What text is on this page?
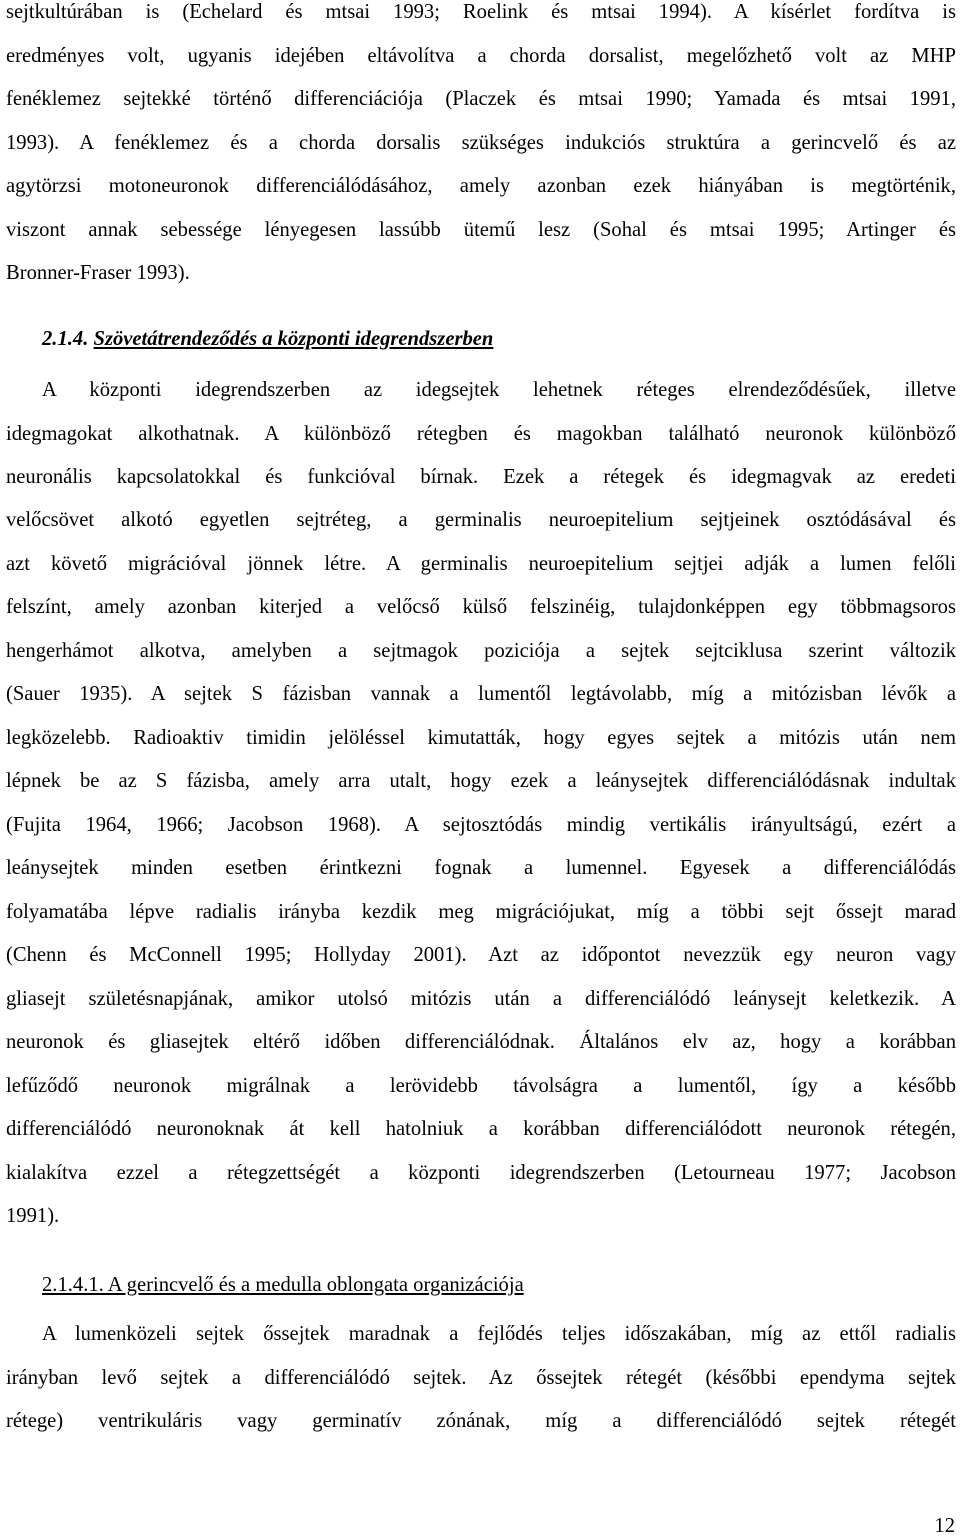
sejtkultúrában is (Echelard és mtsai 1993; Roelink és mtsai 1994). A kísérlet fordítva is
eredményes volt, ugyanis idejében eltávolítva a chorda dorsalist, megelőzhető volt az MHP
fenéklemez sejtekké történő differenciációja (Placzek és mtsai 1990; Yamada és mtsai 1991,
1993). A fenéklemez és a chorda dorsalis szükséges indukciós struktúra a gerincvelő és az
agytörzsi motoneuronok differenciálódásához, amely azonban ezek hiányában is megtörténik,
viszont annak sebessége lényegesen lassúbb ütemű lesz (Sohal és mtsai 1995; Artinger és
Bronner-Fraser 1993).
2.1.4. Szövetátrendeződés a központi idegrendszerben
A központi idegrendszerben az idegsejtek lehetnek réteges elrendeződésűek, illetve
idegmagokat alkothatnak. A különböző rétegben és magokban található neuronok különböző
neuronális kapcsolatokkal és funkcióval bírnak. Ezek a rétegek és idegmagvak az eredeti
velőcsövet alkotó egyetlen sejtréteg, a germinalis neuroepitelium sejtjeinek osztódásával és
azt követő migrációval jönnek létre. A germinalis neuroepitelium sejtjei adják a lumen felőli
felszínt, amely azonban kiterjed a velőcső külső felszinéig, tulajdonképpen egy többmagsoros
hengerhámot alkotva, amelyben a sejtmagok poziciója a sejtek sejtciklusa szerint változik
(Sauer 1935). A sejtek S fázisban vannak a lumentől legtávolabb, míg a mitózisban lévők a
legközelebb. Radioaktiv timidin jelöléssel kimutatták, hogy egyes sejtek a mitózis után nem
lépnek be az S fázisba, amely arra utalt, hogy ezek a leánysejtek differenciálódásnak indultak
(Fujita 1964, 1966; Jacobson 1968). A sejtosztódás mindig vertikális irányultságú, ezért a
leánysejtek minden esetben érintkezni fognak a lumennel. Egyesek a differenciálódás
folyamatába lépve radialis irányba kezdik meg migrációjukat, míg a többi sejt őssejt marad
(Chenn és McConnell 1995; Hollyday 2001). Azt az időpontot nevezzük egy neuron vagy
gliasejt születésnapjának, amikor utolsó mitózis után a differenciálódó leánysejt keletkezik. A
neuronok és gliasejtek eltérő időben differenciálódnak. Általános elv az, hogy a korábban
lefűződő neuronok migrálnak a lerövidebb távolságra a lumentől, így a később
differenciálódó neuronoknak át kell hatolniuk a korábban differenciálódott neuronok rétegén,
kialakítva ezzel a rétegzettségét a központi idegrendszerben (Letourneau 1977; Jacobson
1991).
2.1.4.1. A gerincvelő és a medulla oblongata organizációja
A lumenközeli sejtek őssejtek maradnak a fejlődés teljes időszakában, míg az ettől radialis
irányban levő sejtek a differenciálódó sejtek. Az őssejtek rétegét (későbbi ependyma sejtek
rétege) ventrikuláris vagy germinatív zónának, míg a differenciálódó sejtek rétegét
12
